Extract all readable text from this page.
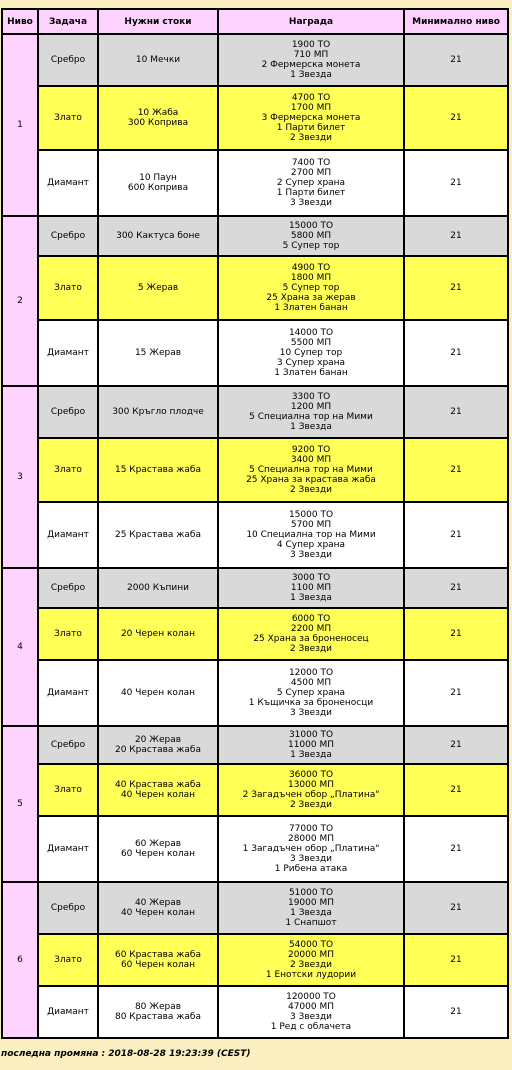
Ниво	Задача	Нужни стоки	Награда	Минимално ниво
1	Сребро	10 Мечки	1900 ТО
710 МП
2 Фермерска монета
1 Звезда	21
	Злато	10 Жаба
300 Коприва	4700 ТО
1700 МП
3 Фермерска монета
1 Парти билет
2 Звезди	21
	Диамант	10 Паун
600 Коприва	7400 ТО
2700 МП
2 Супер храна
1 Парти билет
3 Звезди	21
2	Сребро	300 Кактуса боне	15000 ТО
5800 МП
5 Супер тор	21
	Злато	5 Жерав	4900 ТО
1800 МП
5 Супер тор
25 Храна за жерав
1 Златен банан	21
	Диамант	15 Жерав	14000 ТО
5500 МП
10 Супер тор
3 Супер храна
1 Златен банан	21
3	Сребро	300 Кръгло плодче	3300 ТО
1200 МП
5 Специална тор на Мими
1 Звезда	21
	Злато	15 Крастава жаба	9200 ТО
3400 МП
5 Специална тор на Мими
25 Храна за крастава жаба
2 Звезди	21
	Диамант	25 Крастава жаба	15000 ТО
5700 МП
10 Специална тор на Мими
4 Супер храна
3 Звезди	21
4	Сребро	2000 Къпини	3000 ТО
1100 МП
1 Звезда	21
	Злато	20 Черен колан	6000 ТО
2200 МП
25 Храна за броненосец
2 Звезди	21
	Диамант	40 Черен колан	12000 ТО
4500 МП
5 Супер храна
1 Къщичка за броненосци
3 Звезди	21
5	Сребро	20 Жерав
20 Крастава жаба	31000 ТО
11000 МП
1 Звезда	21
	Злато	40 Крастава жаба
40 Черен колан	36000 ТО
13000 МП
2 Загадъчен обор „Платина"
2 Звезди	21
	Диамант	60 Жерав
60 Черен колан	77000 ТО
28000 МП
1 Загадъчен обор „Платина"
3 Звезди
1 Рибена атака	21
6	Сребро	40 Жерав
40 Черен колан	51000 ТО
19000 МП
1 Звезда
1 Снапшот	21
	Злато	60 Крастава жаба
60 Черен колан	54000 ТО
20000 МП
2 Звезди
1 Енотски лудории	21
	Диамант	80 Жерав
80 Крастава жаба	120000 ТО
47000 МП
3 Звезди
1 Ред с облачета	21
последна промяна : 2018-08-28 19:23:39 (CEST)
